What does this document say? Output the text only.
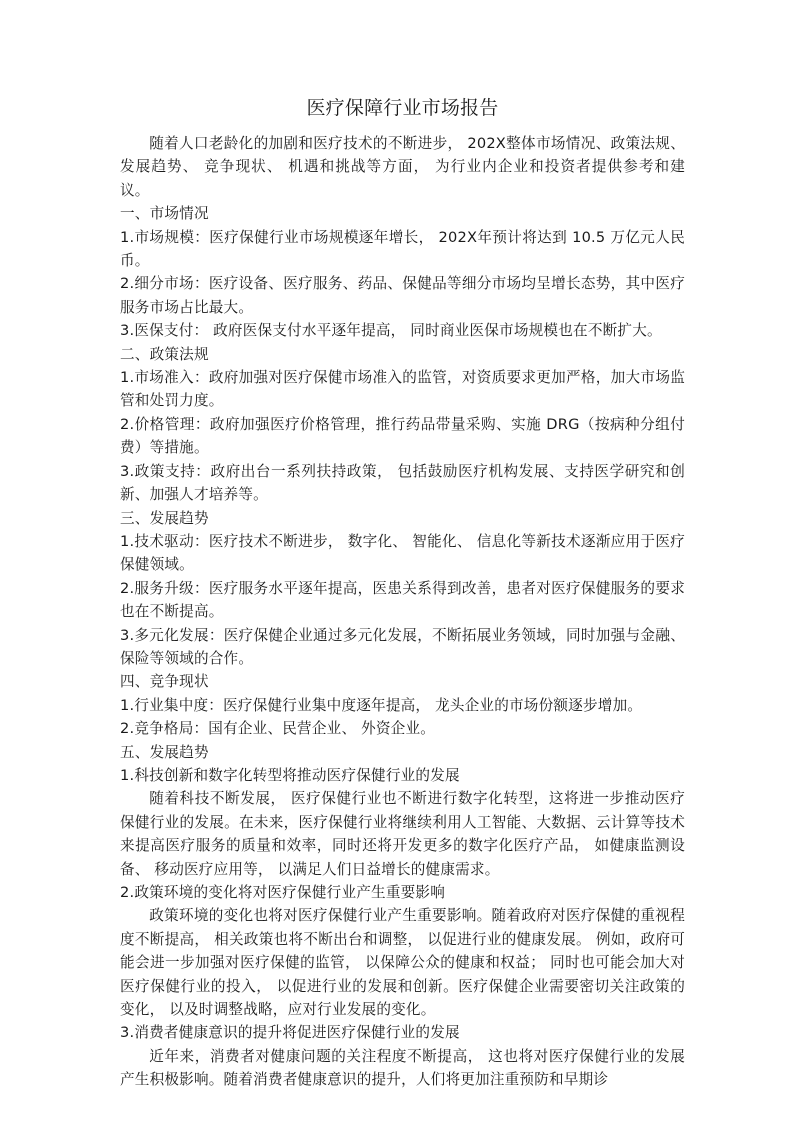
医疗保障行业市场报告

随着人口老龄化的加剧和医疗技术的不断进步， 202X整体市场情况、政策法规、 发展趋势、 竞争现状、 机遇和挑战等方面， 为行业内企业和投资者提供参考和建 议。

一、市场情况

1.市场规模：医疗保健行业市场规模逐年增长， 202X年预计将达到 10.5 万亿元人民币。

2.细分市场：医疗设备、医疗服务、药品、保健品等细分市场均呈增长态势，其中医疗服务市场占比最大。

3.医保支付： 政府医保支付水平逐年提高， 同时商业医保市场规模也在不断扩大。

二、政策法规

1.市场准入：政府加强对医疗保健市场准入的监管，对资质要求更加严格，加大市场监管和处罚力度。

2.价格管理：政府加强医疗价格管理，推行药品带量采购、实施 DRG（按病种分组付费）等措施。

3.政策支持：政府出台一系列扶持政策， 包括鼓励医疗机构发展、支持医学研究和创新、加强人才培养等。

三、发展趋势

1.技术驱动：医疗技术不断进步， 数字化、 智能化、 信息化等新技术逐渐应用于医疗保健领域。

2.服务升级：医疗服务水平逐年提高，医患关系得到改善，患者对医疗保健服务的要求也在不断提高。

3.多元化发展：医疗保健企业通过多元化发展，不断拓展业务领域，同时加强与金融、保险等领域的合作。

四、竞争现状

1.行业集中度：医疗保健行业集中度逐年提高， 龙头企业的市场份额逐步增加。

2.竞争格局：国有企业、民营企业、 外资企业。

五、发展趋势

1.科技创新和数字化转型将推动医疗保健行业的发展

随着科技不断发展， 医疗保健行业也不断进行数字化转型，这将进一步推动医疗保健行业的发展。在未来，医疗保健行业将继续利用人工智能、大数据、云计算等技术来提高医疗服务的质量和效率，同时还将开发更多的数字化医疗产品， 如健康监测设备、 移动医疗应用等， 以满足人们日益增长的健康需求。

2.政策环境的变化将对医疗保健行业产生重要影响

政策环境的变化也将对医疗保健行业产生重要影响。随着政府对医疗保健的重视程度不断提高， 相关政策也将不断出台和调整， 以促进行业的健康发展。 例如，政府可能会进一步加强对医疗保健的监管， 以保障公众的健康和权益； 同时也可能会加大对医疗保健行业的投入， 以促进行业的发展和创新。医疗保健企业需要密切关注政策的变化， 以及时调整战略，应对行业发展的变化。

3.消费者健康意识的提升将促进医疗保健行业的发展

近年来，消费者对健康问题的关注程度不断提高， 这也将对医疗保健行业的发展产生积极影响。随着消费者健康意识的提升，人们将更加注重预防和早期诊
